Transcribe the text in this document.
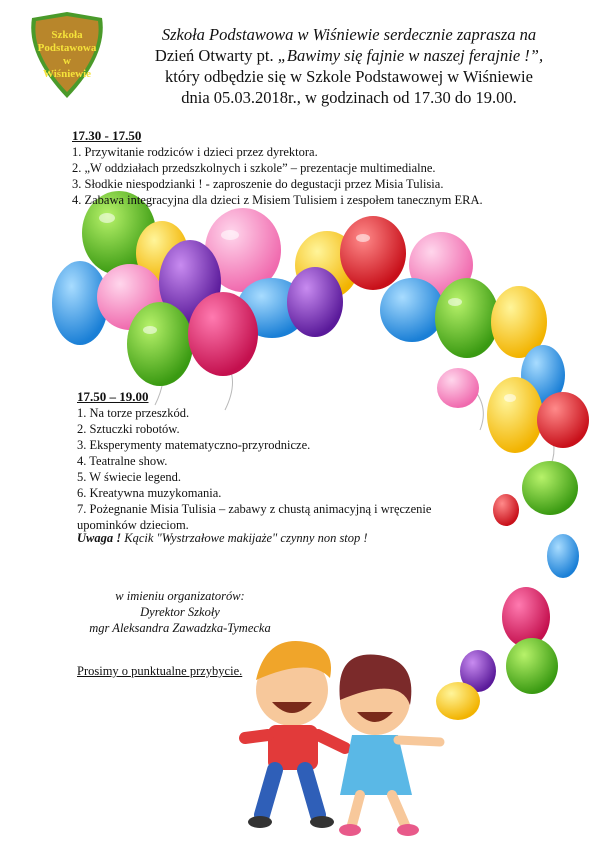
Szkoła
Podstawowa
w
Wiśniewie
Szkoła Podstawowa w Wiśniewie serdecznie zaprasza na
Dzień Otwarty pt. „Bawimy się fajnie w naszej ferajnie !”,
który odbędzie się w Szkole Podstawowej w Wiśniewie
dnia 05.03.2018r., w godzinach od 17.30 do 19.00.
17.30 - 17.50
1. Przywitanie rodziców i dzieci przez dyrektora.
2. „W oddziałach przedszkolnych i szkole” – prezentacje multimedialne.
3. Słodkie niespodzianki ! - zaproszenie do degustacji przez Misia Tulisia.
4. Zabawa integracyjna dla dzieci z Misiem Tulisiem i zespołem tanecznym ERA.
17.50 – 19.00
1. Na torze przeszkód.
2. Sztuczki robotów.
3. Eksperymenty matematyczno-przyrodnicze.
4. Teatralne show.
5. W świecie legend.
6. Kreatywna muzykomania.
7. Pożegnanie Misia Tulisia – zabawy z chustą animacyjną i wręczenie upominków dzieciom.
Uwaga ! Kącik "Wystrzałowe makijaże" czynny non stop !
w imieniu organizatorów:
Dyrektor Szkoły
mgr Aleksandra Zawadzka-Tymecka
Prosimy o punktualne przybycie.
